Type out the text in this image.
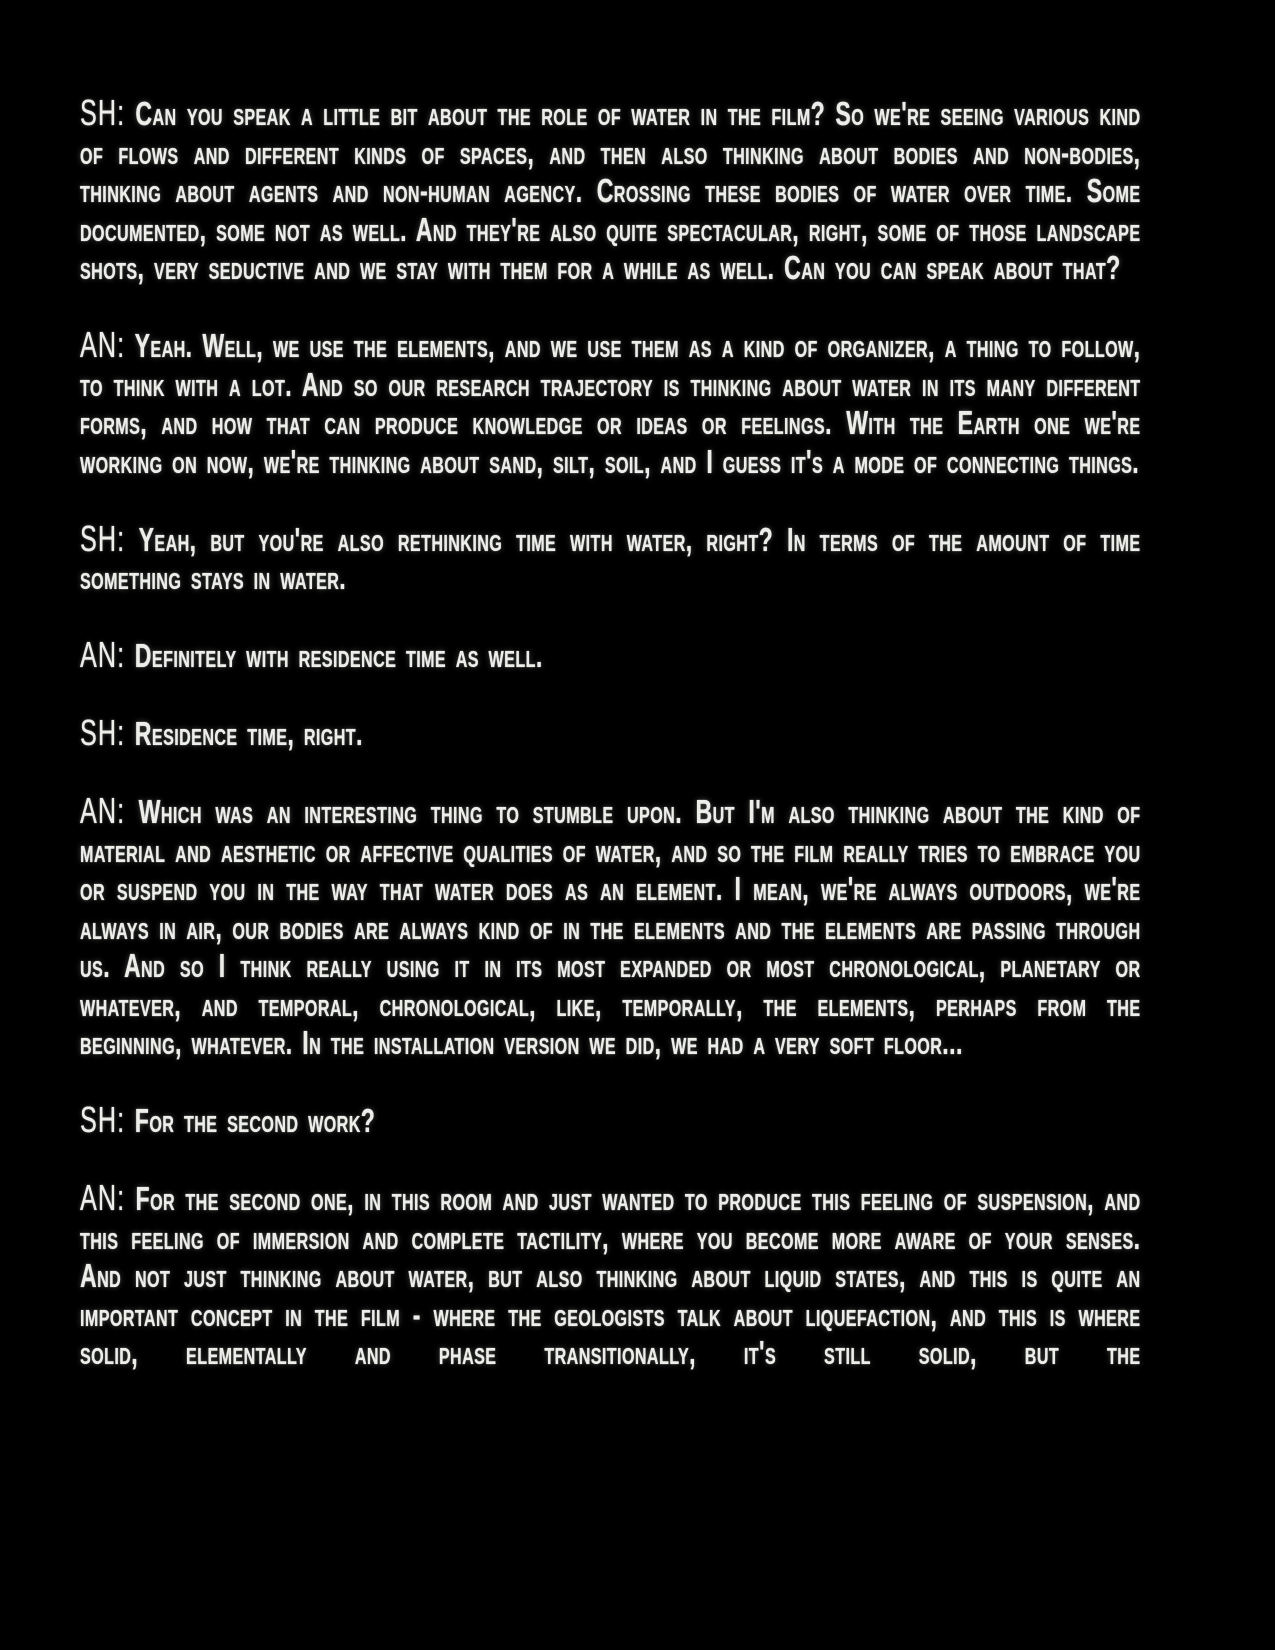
SH: Can you speak a little bit about the role of water in the film? So we're seeing various kind of flows and different kinds of spaces, and then also thinking about bodies and non-bodies, thinking about agents and non-human agency. Crossing these bodies of water over time. Some documented, some not as well. And they're also quite spectacular, right, some of those landscape shots, very seductive and we stay with them for a while as well. Can you can speak about that?

AN: Yeah. Well, we use the elements, and we use them as a kind of organizer, a thing to follow, to think with a lot. And so our research trajectory is thinking about water in its many different forms, and how that can produce knowledge or ideas or feelings. With the Earth one we're working on now, we're thinking about sand, silt, soil, and I guess it's a mode of connecting things.

SH: Yeah, but you're also rethinking time with water, right? In terms of the amount of time something stays in water.

AN: Definitely with residence time as well.

SH: Residence time, right.

AN: Which was an interesting thing to stumble upon. But I'm also thinking about the kind of material and aesthetic or affective qualities of water, and so the film really tries to embrace you or suspend you in the way that water does as an element. I mean, we're always outdoors, we're always in air, our bodies are always kind of in the elements and the elements are passing through us. And so I think really using it in its most expanded or most chronological, planetary or whatever, and temporal, chronological, like, temporally, the elements, perhaps from the beginning, whatever. In the installation version we did, we had a very soft floor...

SH: For the second work?

AN: For the second one, in this room and just wanted to produce this feeling of suspension, and this feeling of immersion and complete tactility, where you become more aware of your senses. And not just thinking about water, but also thinking about liquid states, and this is quite an important concept in the film - where the geologists talk about liquefaction, and this is where solid, elementally and phase transitionally, it's still solid, but the
